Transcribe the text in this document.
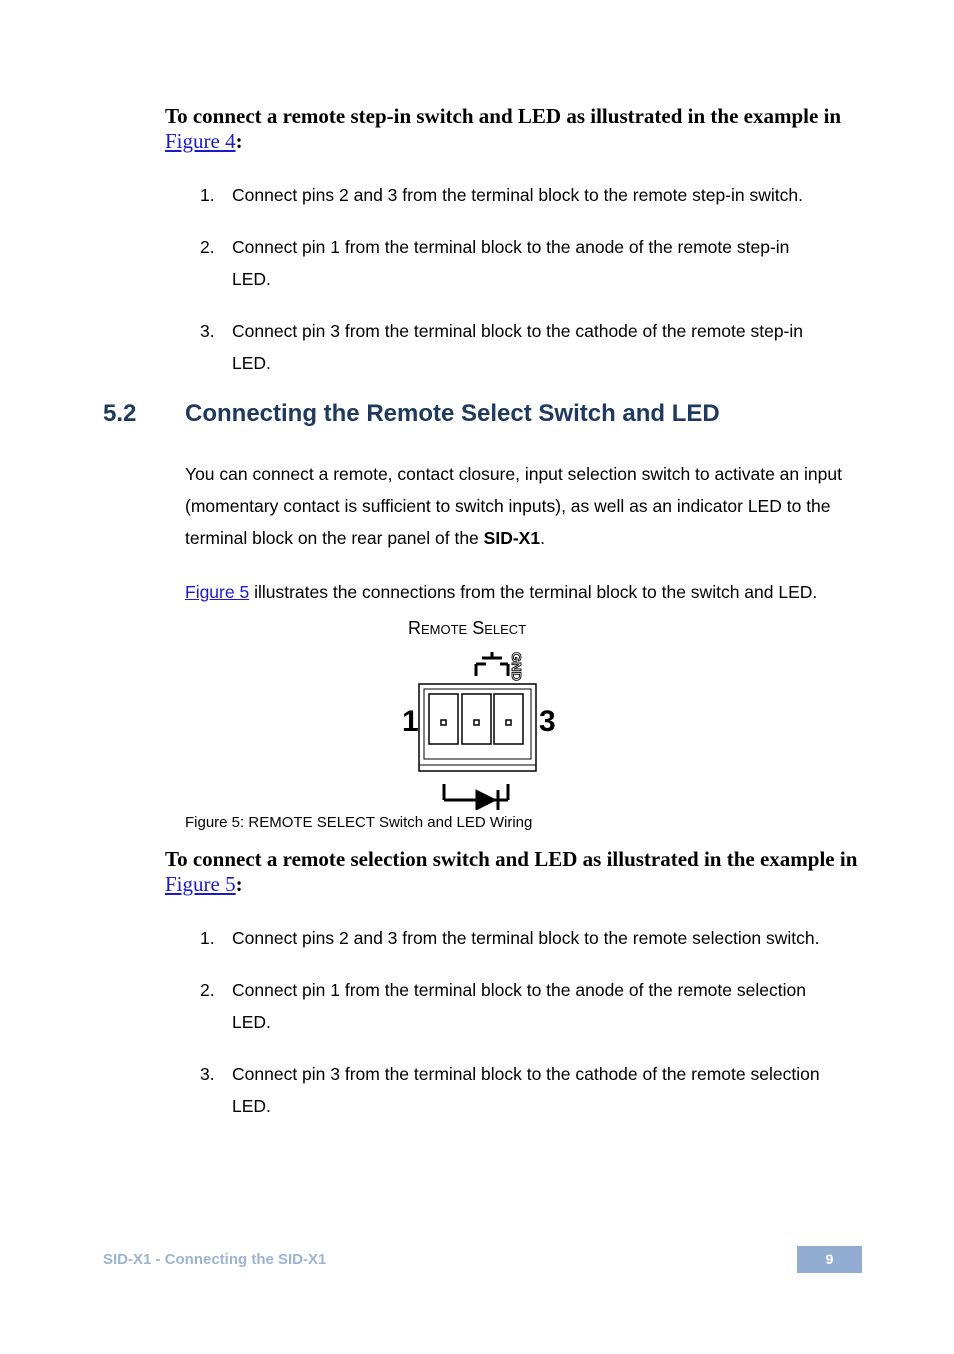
To connect a remote step-in switch and LED as illustrated in the example in Figure 4:
1. Connect pins 2 and 3 from the terminal block to the remote step-in switch.
2. Connect pin 1 from the terminal block to the anode of the remote step-in LED.
3. Connect pin 3 from the terminal block to the cathode of the remote step-in LED.
5.2	Connecting the Remote Select Switch and LED
You can connect a remote, contact closure, input selection switch to activate an input (momentary contact is sufficient to switch inputs), as well as an indicator LED to the terminal block on the rear panel of the SID-X1.
Figure 5 illustrates the connections from the terminal block to the switch and LED.
Remote Select
GND
1	3
Figure 5: REMOTE SELECT Switch and LED Wiring
To connect a remote selection switch and LED as illustrated in the example in Figure 5:
1. Connect pins 2 and 3 from the terminal block to the remote selection switch.
2. Connect pin 1 from the terminal block to the anode of the remote selection LED.
3. Connect pin 3 from the terminal block to the cathode of the remote selection LED.
SID-X1 - Connecting the SID-X1	9
